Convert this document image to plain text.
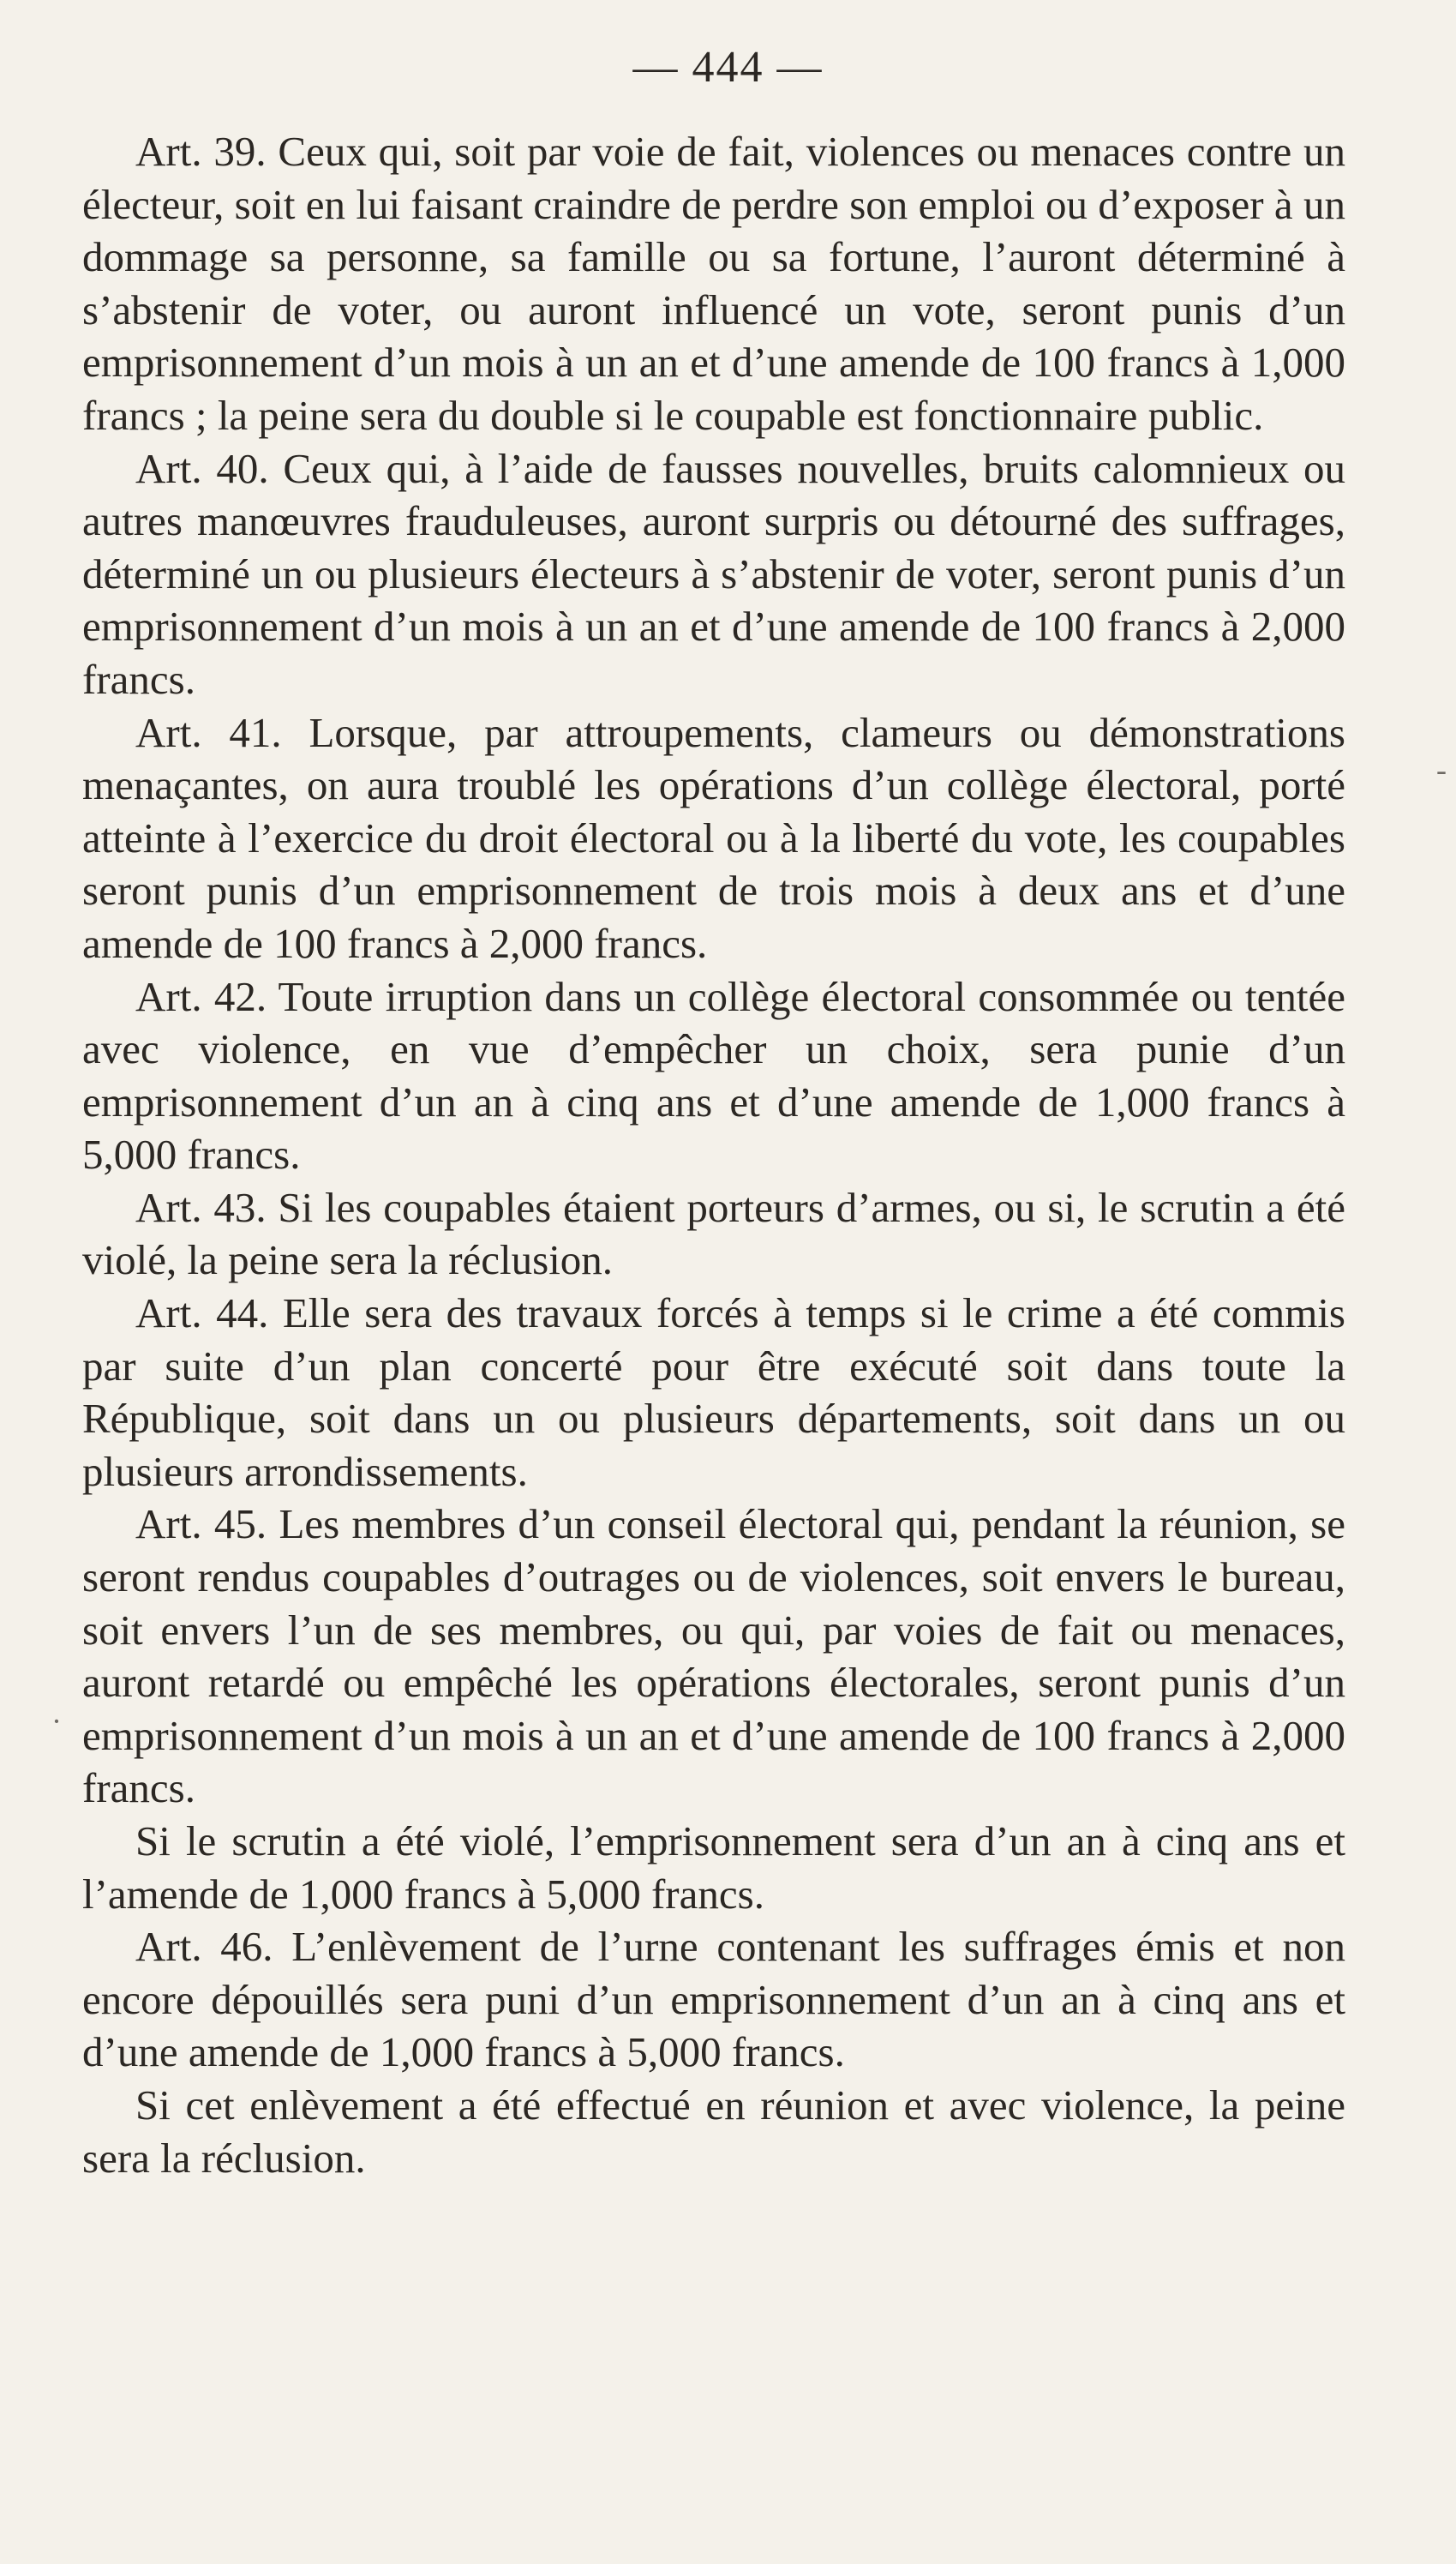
— 444 —

Art. 39. Ceux qui, soit par voie de fait, violences ou menaces contre un électeur, soit en lui faisant craindre de perdre son emploi ou d’exposer à un dommage sa personne, sa famille ou sa fortune, l’auront déterminé à s’abstenir de voter, ou auront influencé un vote, seront punis d’un emprisonnement d’un mois à un an et d’une amende de 100 francs à 1,000 francs ; la peine sera du double si le coupable est fonctionnaire public.

Art. 40. Ceux qui, à l’aide de fausses nouvelles, bruits calomnieux ou autres manœuvres frauduleuses, auront surpris ou détourné des suffrages, déterminé un ou plusieurs électeurs à s’abstenir de voter, seront punis d’un emprisonnement d’un mois à un an et d’une amende de 100 francs à 2,000 francs.

Art. 41. Lorsque, par attroupements, clameurs ou démonstrations menaçantes, on aura troublé les opérations d’un collège électoral, porté atteinte à l’exercice du droit électoral ou à la liberté du vote, les coupables seront punis d’un emprisonnement de trois mois à deux ans et d’une amende de 100 francs à 2,000 francs.

Art. 42. Toute irruption dans un collège électoral consommée ou tentée avec violence, en vue d’empêcher un choix, sera punie d’un emprisonnement d’un an à cinq ans et d’une amende de 1,000 francs à 5,000 francs.

Art. 43. Si les coupables étaient porteurs d’armes, ou si, le scrutin a été violé, la peine sera la réclusion.

Art. 44. Elle sera des travaux forcés à temps si le crime a été commis par suite d’un plan concerté pour être exécuté soit dans toute la République, soit dans un ou plusieurs départements, soit dans un ou plusieurs arrondissements.

Art. 45. Les membres d’un conseil électoral qui, pendant la réunion, se seront rendus coupables d’outrages ou de violences, soit envers le bureau, soit envers l’un de ses membres, ou qui, par voies de fait ou menaces, auront retardé ou empêché les opérations électorales, seront punis d’un emprisonnement d’un mois à un an et d’une amende de 100 francs à 2,000 francs.

Si le scrutin a été violé, l’emprisonnement sera d’un an à cinq ans et l’amende de 1,000 francs à 5,000 francs.

Art. 46. L’enlèvement de l’urne contenant les suffrages émis et non encore dépouillés sera puni d’un emprisonnement d’un an à cinq ans et d’une amende de 1,000 francs à 5,000 francs.

Si cet enlèvement a été effectué en réunion et avec violence, la peine sera la réclusion.

-
·
